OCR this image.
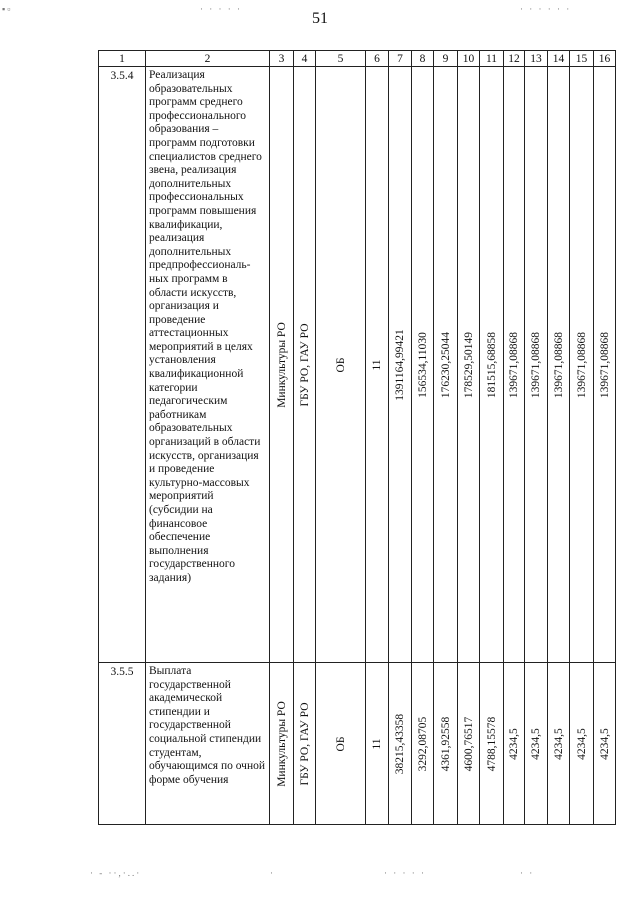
51
▪▫	· · · · ·	· · · · · ·
· - ··,·..·	·	· · · · ·	· ·
1	2	3	4	5	6	7	8	9	10	11	12	13	14	15	16
3.5.4	Реализация образовательных программ среднего профессионального образования – программ подготовки специалистов среднего звена, реализация дополнительных профессиональных программ повышения квалификации, реализация дополнительных предпрофессиональ-ных программ в области искусств, организация и проведение аттестационных мероприятий в целях установления квалификационной категории педагогическим работникам образовательных организаций в области искусств, организация и проведение культурно-массовых мероприятий (субсидии на финансовое обеспечение выполнения государственного задания)	Минкультуры РО	ГБУ РО, ГАУ РО	ОБ	11	1391164,99421	156534,11030	176230,25044	178529,50149	181515,68858	139671,08868	139671,08868	139671,08868	139671,08868	139671,08868

3.5.5	Выплата государственной академической стипендии и государственной социальной стипендии студентам, обучающимся по очной форме обучения	Минкультуры РО	ГБУ РО, ГАУ РО	ОБ	11	38215,43358	3292,08705	4361,92558	4600,76517	4788,15578	4234,5	4234,5	4234,5	4234,5	4234,5
